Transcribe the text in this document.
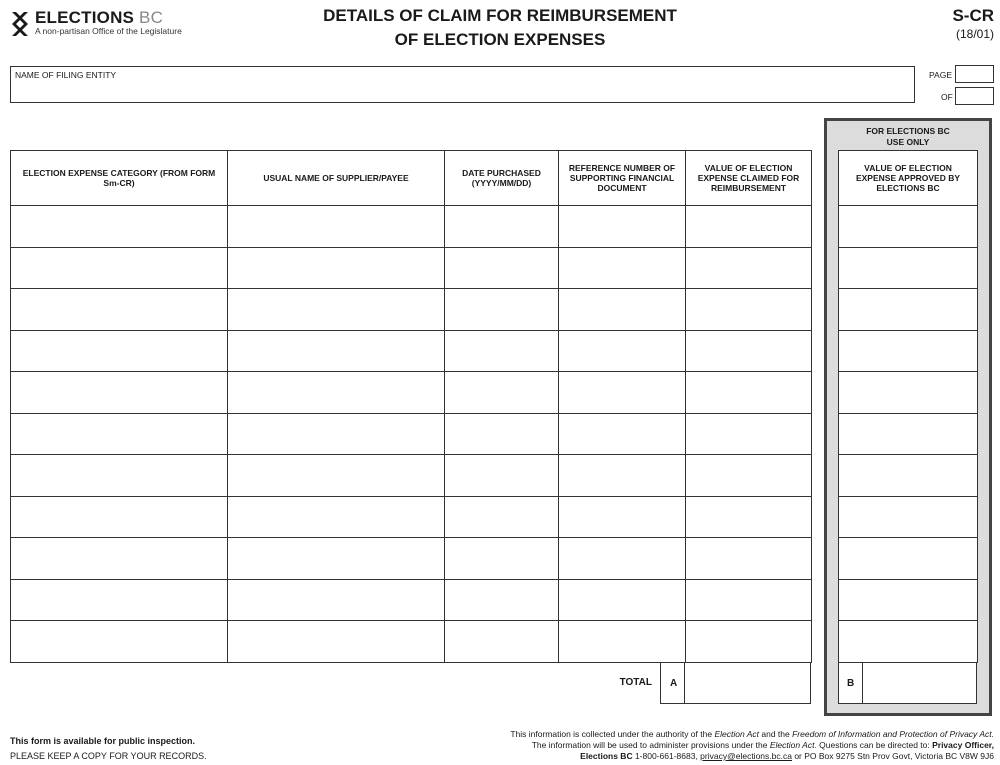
ELECTIONS BC
A non-partisan Office of the Legislature
DETAILS OF CLAIM FOR REIMBURSEMENT
OF ELECTION EXPENSES
S-CR
(18/01)
NAME OF FILING ENTITY	PAGE
OF
ELECTION EXPENSE CATEGORY (FROM FORM Sm-CR)	USUAL NAME OF SUPPLIER/PAYEE	DATE PURCHASED (YYYY/MM/DD)	REFERENCE NUMBER OF SUPPORTING FINANCIAL DOCUMENT	VALUE OF ELECTION EXPENSE CLAIMED FOR REIMBURSEMENT

TOTAL A
FOR ELECTIONS BC
USE ONLY
VALUE OF ELECTION EXPENSE APPROVED BY ELECTIONS BC

B
This form is available for public inspection.
PLEASE KEEP A COPY FOR YOUR RECORDS.
This information is collected under the authority of the Election Act and the Freedom of Information and Protection of Privacy Act.
The information will be used to administer provisions under the Election Act. Questions can be directed to: Privacy Officer,
Elections BC 1-800-661-8683, privacy@elections.bc.ca or PO Box 9275 Stn Prov Govt, Victoria BC V8W 9J6
